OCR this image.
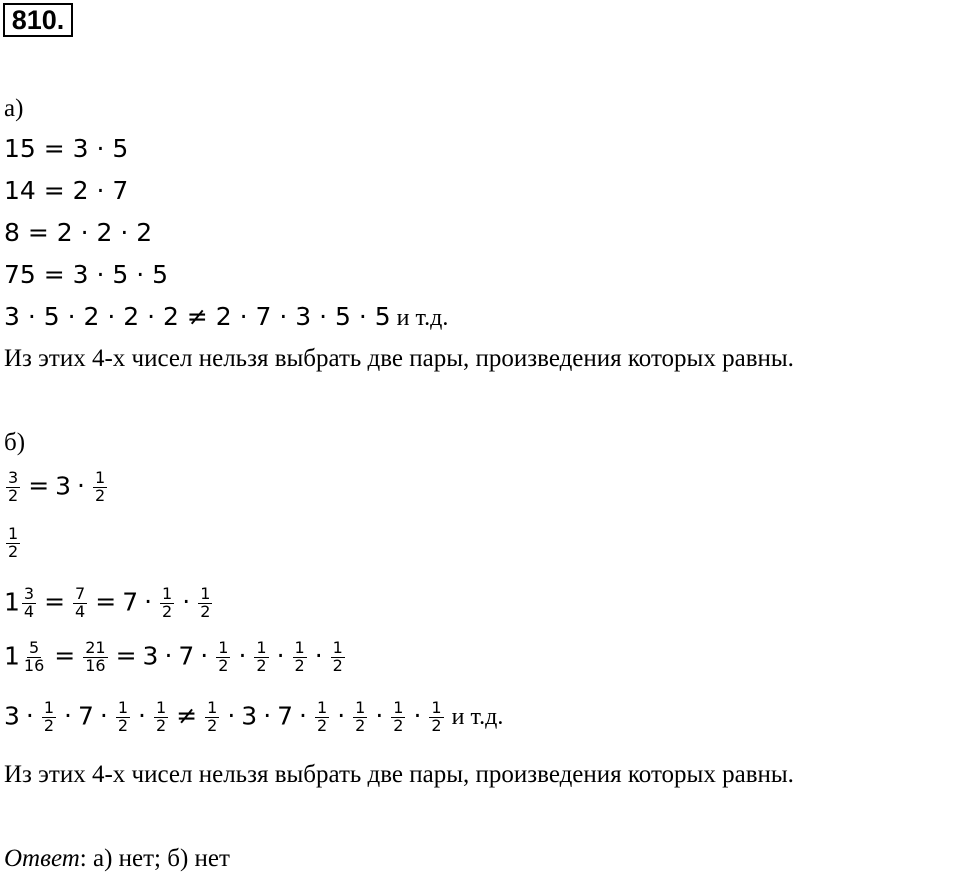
810.
а)
15 = 3 · 5
14 = 2 · 7
8 = 2 · 2 · 2
75 = 3 · 5 · 5
3 · 5 · 2 · 2 · 2 ≠ 2 · 7 · 3 · 5 · 5 и т.д.
Из этих 4-х чисел нельзя выбрать две пары, произведения которых равны.
б)
$\frac{3}{2} = 3 \cdot \frac{1}{2}$
$\frac{1}{2}$
$1 \frac{3}{4} = \frac{7}{4} = 7 \cdot \frac{1}{2} \cdot \frac{1}{2}$
$1 \frac{5}{16} = \frac{21}{16} = 3 \cdot 7 \cdot \frac{1}{2} \cdot \frac{1}{2} \cdot \frac{1}{2} \cdot \frac{1}{2}$
$3 \cdot \frac{1}{2} \cdot 7 \cdot \frac{1}{2} \cdot \frac{1}{2} \ne \frac{1}{2} \cdot 3 \cdot 7 \cdot \frac{1}{2} \cdot \frac{1}{2} \cdot \frac{1}{2} \cdot \frac{1}{2}$ и т.д.
Из этих 4-х чисел нельзя выбрать две пары, произведения которых равны.
Ответ: а) нет; б) нет
